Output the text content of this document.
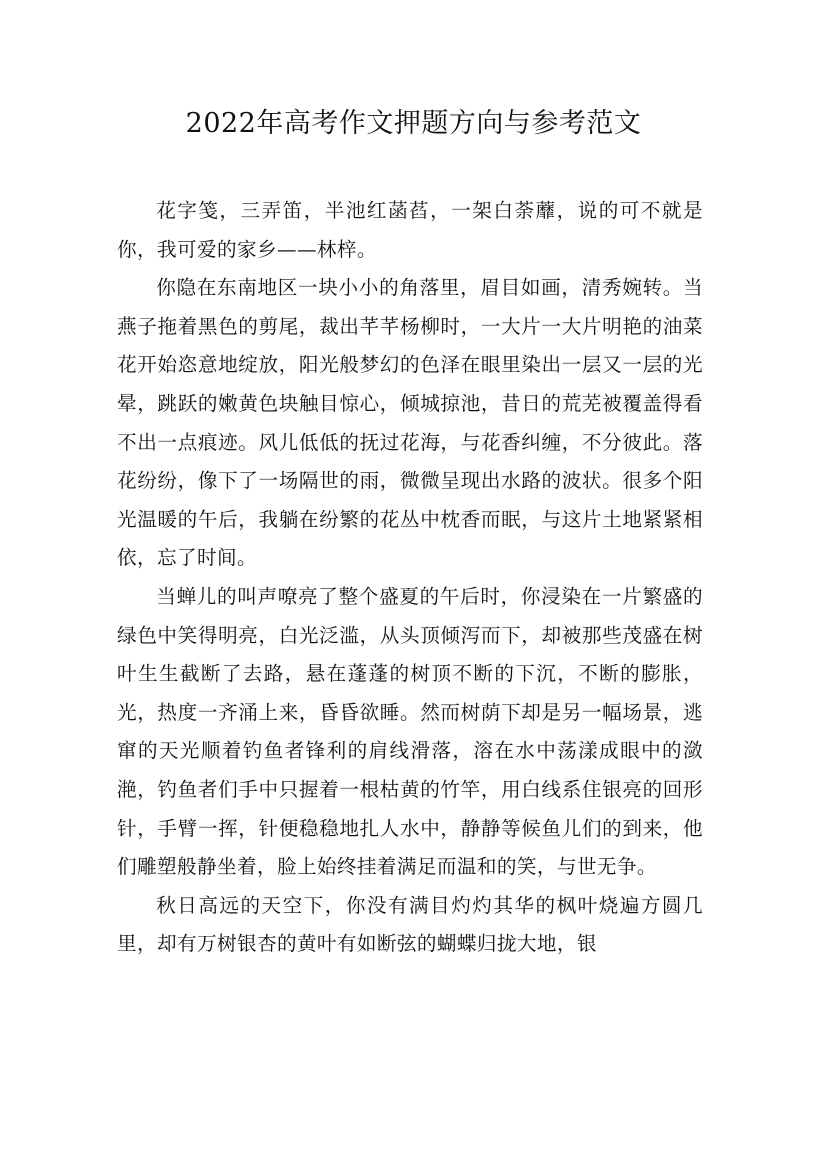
2022年高考作文押题方向与参考范文

花字笺，三弄笛，半池红菡萏，一架白荼蘼，说的可不就是你，我可爱的家乡——林梓。

你隐在东南地区一块小小的角落里，眉目如画，清秀婉转。当燕子拖着黑色的剪尾，裁出芊芊杨柳时，一大片一大片明艳的油菜花开始恣意地绽放，阳光般梦幻的色泽在眼里染出一层又一层的光晕，跳跃的嫩黄色块触目惊心，倾城掠池，昔日的荒芜被覆盖得看不出一点痕迹。风儿低低的抚过花海，与花香纠缠，不分彼此。落花纷纷，像下了一场隔世的雨，微微呈现出水路的波状。很多个阳光温暖的午后，我躺在纷繁的花丛中枕香而眠，与这片土地紧紧相依，忘了时间。

当蝉儿的叫声嘹亮了整个盛夏的午后时，你浸染在一片繁盛的绿色中笑得明亮，白光泛滥，从头顶倾泻而下，却被那些茂盛在树叶生生截断了去路，悬在蓬蓬的树顶不断的下沉，不断的膨胀，光，热度一齐涌上来，昏昏欲睡。然而树荫下却是另一幅场景，逃窜的天光顺着钓鱼者锋利的肩线滑落，溶在水中荡漾成眼中的潋滟，钓鱼者们手中只握着一根枯黄的竹竿，用白线系住银亮的回形针，手臂一挥，针便稳稳地扎人水中，静静等候鱼儿们的到来，他们雕塑般静坐着，脸上始终挂着满足而温和的笑，与世无争。

秋日高远的天空下，你没有满目灼灼其华的枫叶烧遍方圆几里，却有万树银杏的黄叶有如断弦的蝴蝶归拢大地，银
